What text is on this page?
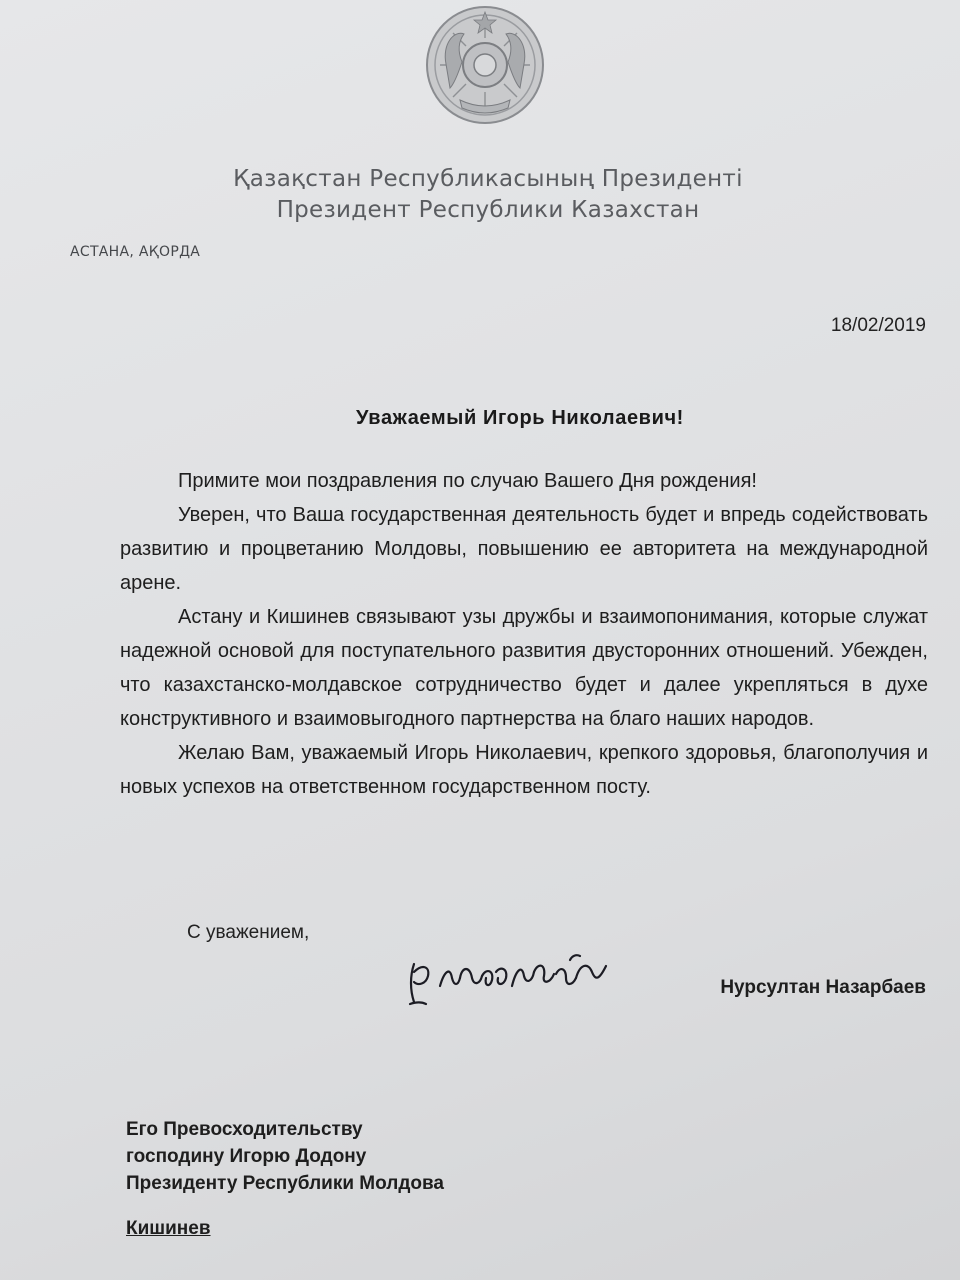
Қазақстан Республикасының Президенті
Президент Республики Казахстан
АСТАНА, АҚОРДА
18/02/2019
Уважаемый Игорь Николаевич!

Примите мои поздравления по случаю Вашего Дня рождения!

Уверен, что Ваша государственная деятельность будет и впредь содействовать развитию и процветанию Молдовы, повышению ее авторитета на международной арене.

Астану и Кишинев связывают узы дружбы и взаимопонимания, которые служат надежной основой для поступательного развития двусторонних отношений. Убежден, что казахстанско-молдавское сотрудничество будет и далее укрепляться в духе конструктивного и взаимовыгодного партнерства на благо наших народов.

Желаю Вам, уважаемый Игорь Николаевич, крепкого здоровья, благополучия и новых успехов на ответственном государственном посту.

С уважением,
Нурсултан Назарбаев
Его Превосходительству
господину Игорю Додону
Президенту Республики Молдова
Кишинев
